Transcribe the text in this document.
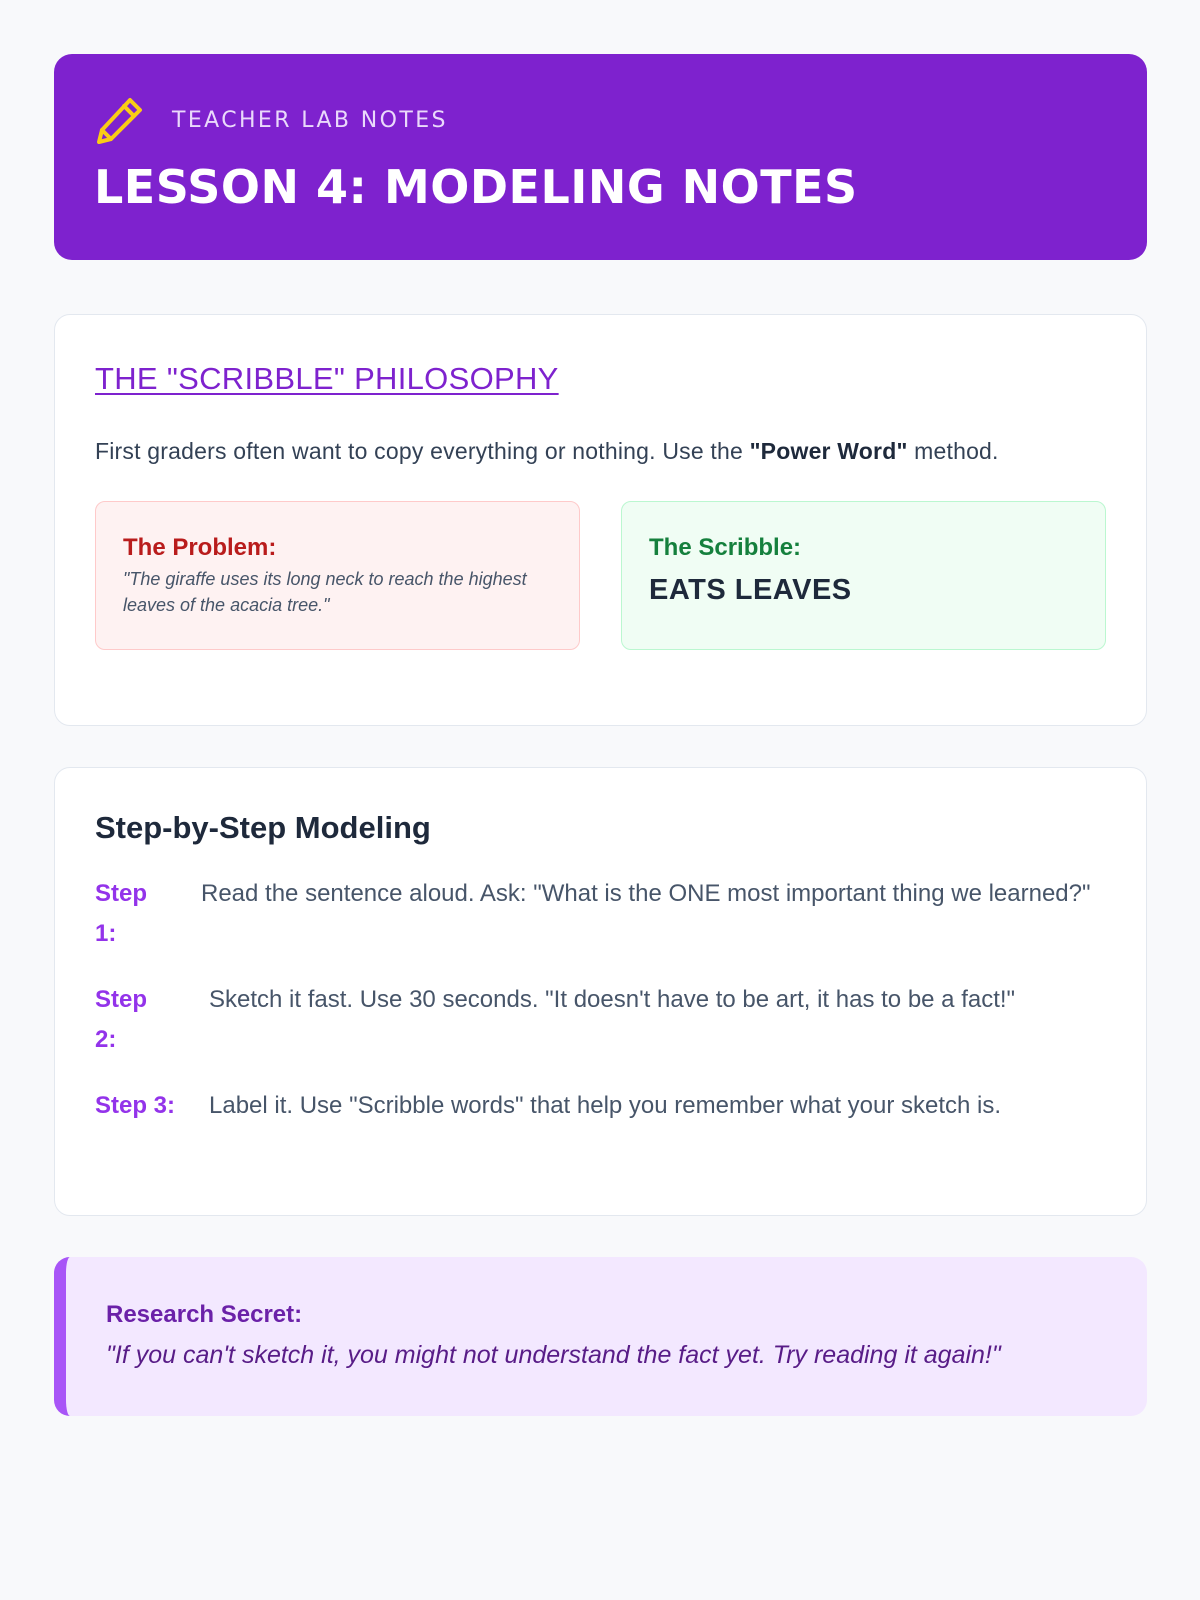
TEACHER LAB NOTES
LESSON 4: MODELING NOTES
THE "SCRIBBLE" PHILOSOPHY
First graders often want to copy everything or nothing. Use the "Power Word" method.
The Problem:
"The giraffe uses its long neck to reach the highest leaves of the acacia tree."
The Scribble:
EATS LEAVES
Step-by-Step Modeling
Step 1:
Read the sentence aloud. Ask: "What is the ONE most important thing we learned?"
Step 2:
Sketch it fast. Use 30 seconds. "It doesn't have to be art, it has to be a fact!"
Step 3:	Label it. Use "Scribble words" that help you remember what your sketch is.
Research Secret:
"If you can't sketch it, you might not understand the fact yet. Try reading it again!"
